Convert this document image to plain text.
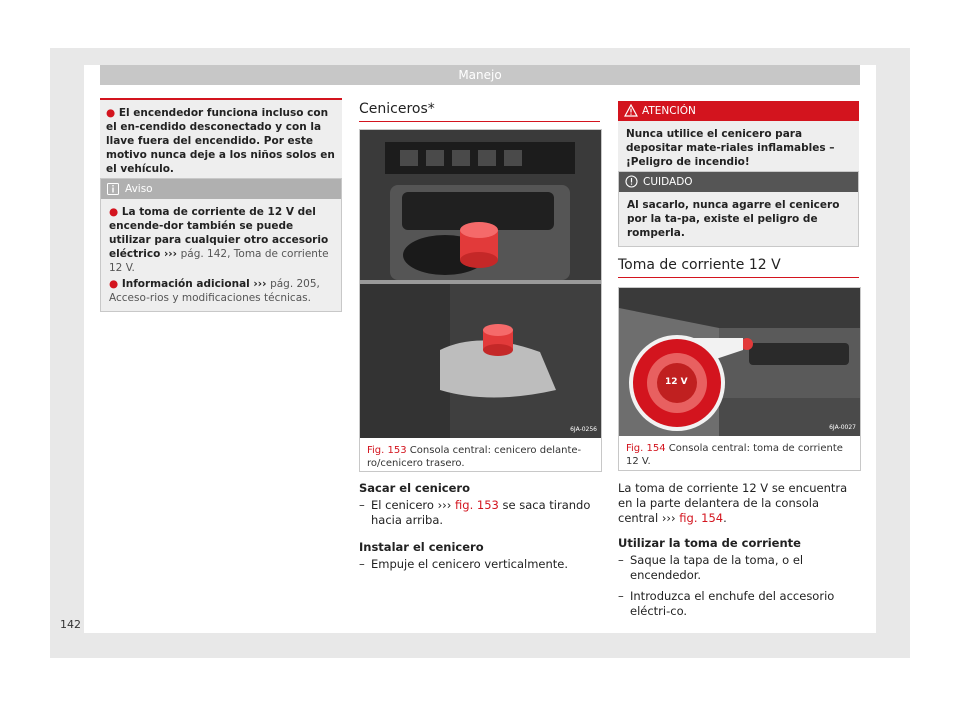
Manejo
● El encendedor funciona incluso con el en-cendido desconectado y con la llave fuera del encendido. Por este motivo nunca deje a los niños solos en el vehículo.
Aviso
● La toma de corriente de 12 V del encende-dor también se puede utilizar para cualquier otro accesorio eléctrico ››› pág. 142, Toma de corriente 12 V.
● Información adicional ››› pág. 205, Acceso-rios y modificaciones técnicas.
Ceniceros*
6JA-0256
Fig. 153 Consola central: cenicero delante-ro/cenicero trasero.
Sacar el cenicero
– El cenicero ››› fig. 153 se saca tirando hacia arriba.
Instalar el cenicero
– Empuje el cenicero verticalmente.
ATENCIÓN
Nunca utilice el cenicero para depositar mate-riales inflamables – ¡Peligro de incendio!
CUIDADO
Al sacarlo, nunca agarre el cenicero por la ta-pa, existe el peligro de romperla.
Toma de corriente 12 V
12 V
6JA-0027
Fig. 154 Consola central: toma de corriente 12 V.
La toma de corriente 12 V se encuentra en la parte delantera de la consola central ››› fig. 154.
Utilizar la toma de corriente
– Saque la tapa de la toma, o el encendedor.
– Introduzca el enchufe del accesorio eléctri-co.
142
